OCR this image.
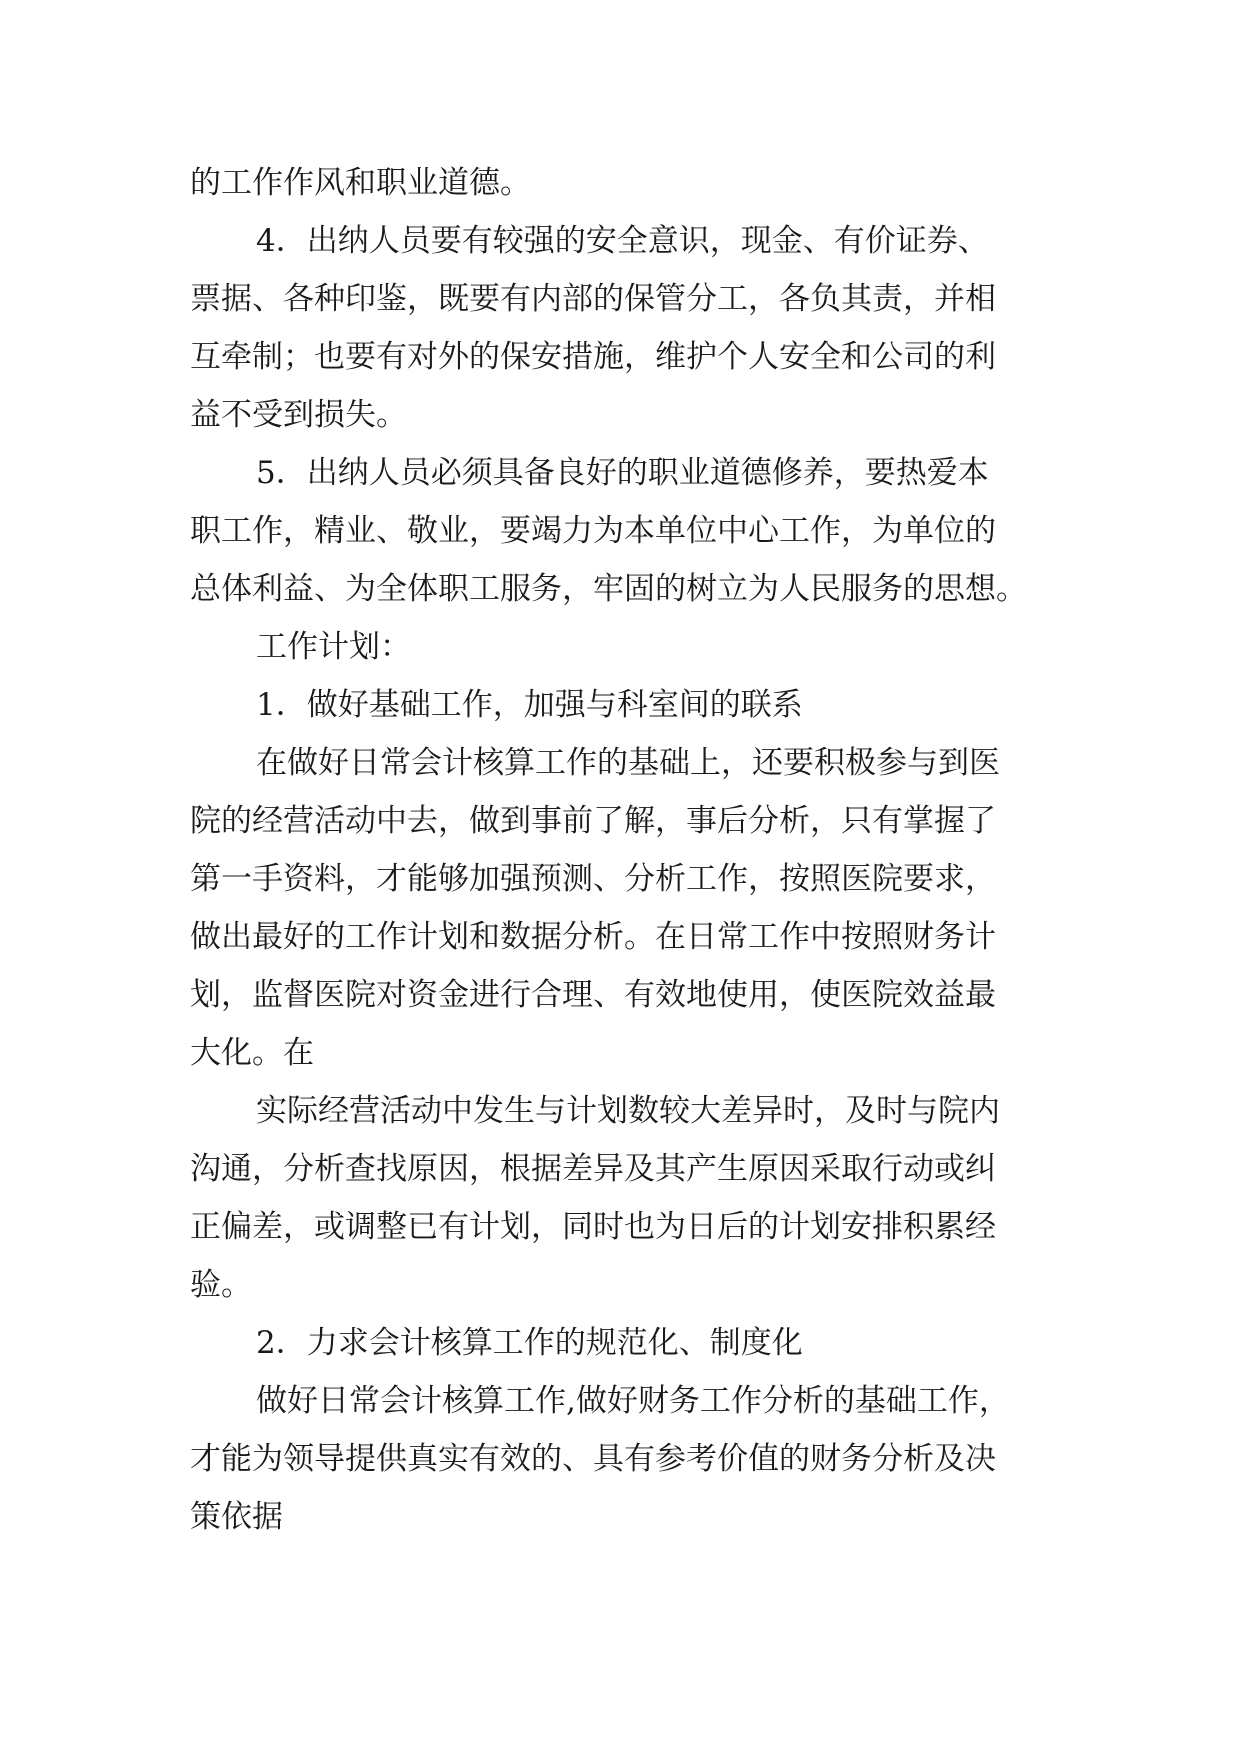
的工作作风和职业道德。
4．出纳人员要有较强的安全意识，现金、有价证券、
票据、各种印鉴，既要有内部的保管分工，各负其责，并相
互牵制；也要有对外的保安措施，维护个人安全和公司的利
益不受到损失。
5．出纳人员必须具备良好的职业道德修养，要热爱本
职工作，精业、敬业，要竭力为本单位中心工作，为单位的
总体利益、为全体职工服务，牢固的树立为人民服务的思想。
工作计划：
1．做好基础工作，加强与科室间的联系
在做好日常会计核算工作的基础上，还要积极参与到医
院的经营活动中去，做到事前了解，事后分析，只有掌握了
第一手资料，才能够加强预测、分析工作，按照医院要求，
做出最好的工作计划和数据分析。在日常工作中按照财务计
划，监督医院对资金进行合理、有效地使用，使医院效益最
大化。在
实际经营活动中发生与计划数较大差异时，及时与院内
沟通，分析查找原因，根据差异及其产生原因采取行动或纠
正偏差，或调整已有计划，同时也为日后的计划安排积累经
验。
2．力求会计核算工作的规范化、制度化
做好日常会计核算工作,做好财务工作分析的基础工作，
才能为领导提供真实有效的、具有参考价值的财务分析及决
策依据
